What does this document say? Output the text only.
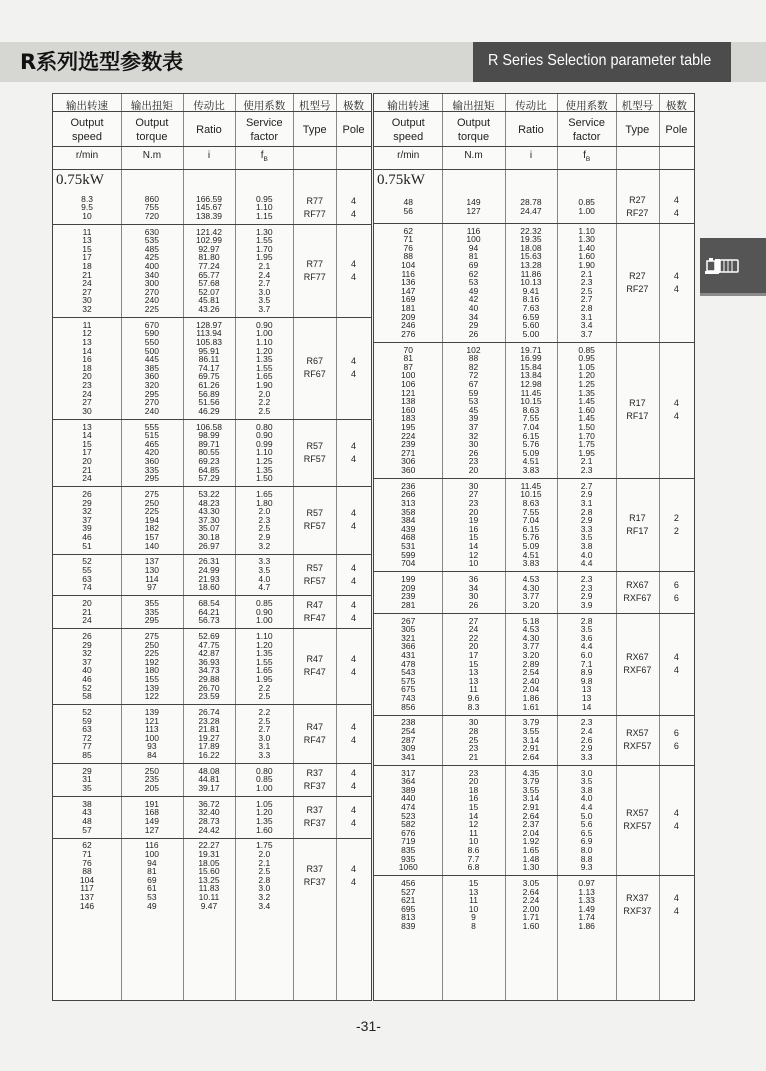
R系列选型参数表	R Series Selection parameter table
输出转速
Output speed
r/min
输出扭矩
Output torque
N.m
传动比
Ratio
i
使用系数
Service factor
$f_B$
机型号
Type
极数
Pole
0.75kW
8.3
9.5
10
860
755
720
166.59
145.67
138.39
0.95
1.10
1.15
R77
RF77
4
4
11
13
15
17
18
21
24
27
30
32
630
535
485
425
400
340
300
270
240
225
121.42
102.99
92.97
81.80
77.24
65.77
57.68
52.07
45.81
43.26
1.30
1.55
1.70
1.95
2.1
2.4
2.7
3.0
3.5
3.7
R77
RF77
4
4
11
12
13
14
16
18
20
23
24
27
30
670
590
550
500
445
385
360
320
295
270
240
128.97
113.94
105.83
95.91
86.11
74.17
69.75
61.26
56.89
51.56
46.29
0.90
1.00
1.10
1.20
1.35
1.55
1.65
1.90
2.0
2.2
2.5
R67
RF67
4
4
13
14
15
17
20
21
24
555
515
465
420
360
335
295
106.58
98.99
89.71
80.55
69.23
64.85
57.29
0.80
0.90
0.99
1.10
1.25
1.35
1.50
R57
RF57
4
4
26
29
32
37
39
46
51
275
250
225
194
182
157
140
53.22
48.23
43.30
37.30
35.07
30.18
26.97
1.65
1.80
2.0
2.3
2.5
2.9
3.2
R57
RF57
4
4
52
55
63
74
137
130
114
97
26.31
24.99
21.93
18.60
3.3
3.5
4.0
4.7
R57
RF57
4
4
20
21
24
355
335
295
68.54
64.21
56.73
0.85
0.90
1.00
R47
RF47
4
4
26
29
32
37
40
46
52
58
275
250
225
192
180
155
139
122
52.69
47.75
42.87
36.93
34.73
29.88
26.70
23.59
1.10
1.20
1.35
1.55
1.65
1.95
2.2
2.5
R47
RF47
4
4
52
59
63
72
77
85
139
121
113
100
93
84
26.74
23.28
21.81
19.27
17.89
16.22
2.2
2.5
2.7
3.0
3.1
3.3
R47
RF47
4
4
29
31
35
250
235
205
48.08
44.81
39.17
0.80
0.85
1.00
R37
RF37
4
4
38
43
48
57
191
168
149
127
36.72
32.40
28.73
24.42
1.05
1.20
1.35
1.60
R37
RF37
4
4
62
71
76
88
104
117
137
146
116
100
94
81
69
61
53
49
22.27
19.31
18.05
15.60
13.25
11.83
10.11
9.47
1.75
2.0
2.1
2.5
2.8
3.0
3.2
3.4
R37
RF37
4
4
输出转速
Output speed
r/min
输出扭矩
Output torque
N.m
传动比
Ratio
i
使用系数
Service factor
$f_B$
机型号
Type
极数
Pole
0.75kW
48
56
149
127
28.78
24.47
0.85
1.00
R27
RF27
4
4
62
71
76
88
104
116
136
147
169
181
209
246
276
116
100
94
81
69
62
53
49
42
40
34
29
26
22.32
19.35
18.08
15.63
13.28
11.86
10.13
9.41
8.16
7.63
6.59
5.60
5.00
1.10
1.30
1.40
1.60
1.90
2.1
2.3
2.5
2.7
2.8
3.1
3.4
3.7
R27
RF27
4
4
70
81
87
100
106
121
138
160
183
195
224
239
271
306
360
102
88
82
72
67
59
53
45
39
37
32
30
26
23
20
19.71
16.99
15.84
13.84
12.98
11.45
10.15
8.63
7.55
7.04
6.15
5.76
5.09
4.51
3.83
0.85
0.95
1.05
1.20
1.25
1.35
1.45
1.60
1.45
1.50
1.70
1.75
1.95
2.1
2.3
R17
RF17
4
4
236
266
313
358
384
439
468
531
599
704
30
27
23
20
19
16
15
14
12
10
11.45
10.15
8.63
7.55
7.04
6.15
5.76
5.09
4.51
3.83
2.7
2.9
3.1
2.8
2.9
3.3
3.5
3.8
4.0
4.4
R17
RF17
2
2
199
209
239
281
36
34
30
26
4.53
4.30
3.77
3.20
2.3
2.3
2.9
3.9
RX67
RXF67
6
6
267
305
321
366
431
478
543
575
675
743
856
27
24
22
20
17
15
13
13
11
9.6
8.3
5.18
4.53
4.30
3.77
3.20
2.89
2.54
2.40
2.04
1.86
1.61
2.8
3.5
3.6
4.4
6.0
7.1
8.9
9.8
13
13
14
RX67
RXF67
4
4
238
254
287
309
341
30
28
25
23
21
3.79
3.55
3.14
2.91
2.64
2.3
2.4
2.6
2.9
3.3
RX57
RXF57
6
6
317
364
389
440
474
523
582
676
719
835
935
1060
23
20
18
16
15
14
12
11
10
8.6
7.7
6.8
4.35
3.79
3.55
3.14
2.91
2.64
2.37
2.04
1.92
1.65
1.48
1.30
3.0
3.5
3.8
4.0
4.4
5.0
5.6
6.5
6.9
8.0
8.8
9.3
RX57
RXF57
4
4
456
527
621
695
813
839
15
13
11
10
9
8
3.05
2.64
2.24
2.00
1.71
1.60
0.97
1.13
1.33
1.49
1.74
1.86
RX37
RXF37
4
4
-31-
